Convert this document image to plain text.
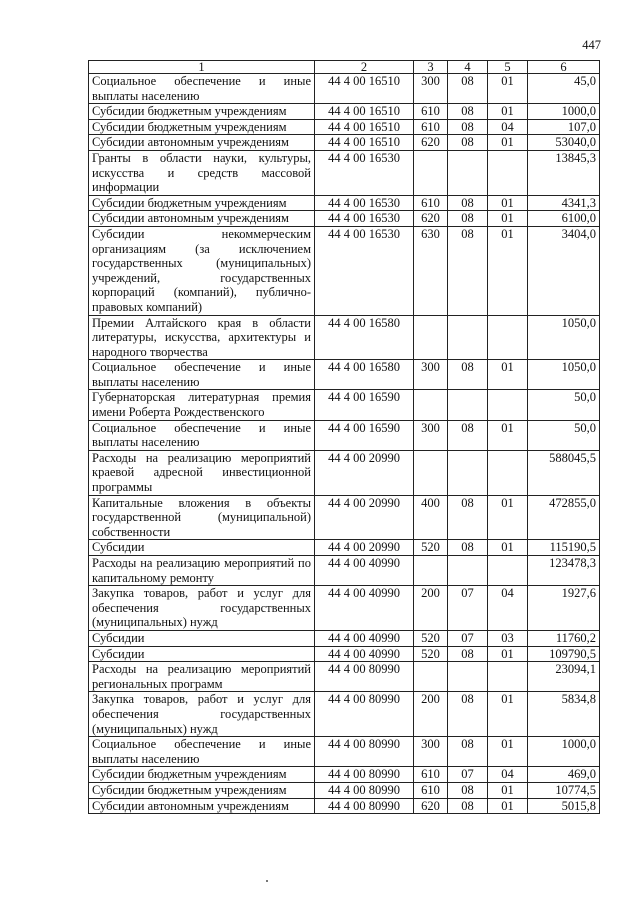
447
1	2	3	4	5	6
Социальное обеспечение и иные выплаты населению	44 4 00 16510	300	08	01	45,0
Субсидии бюджетным учреждениям	44 4 00 16510	610	08	01	1000,0
Субсидии бюджетным учреждениям	44 4 00 16510	610	08	04	107,0
Субсидии автономным учреждениям	44 4 00 16510	620	08	01	53040,0
Гранты в области науки, культуры, искусства и средств массовой информации	44 4 00 16530				13845,3
Субсидии бюджетным учреждениям	44 4 00 16530	610	08	01	4341,3
Субсидии автономным учреждениям	44 4 00 16530	620	08	01	6100,0
Субсидии некоммерческим организациям (за исключением государственных (муниципальных) учреждений, государственных корпораций (компаний), публично-правовых компаний)	44 4 00 16530	630	08	01	3404,0
Премии Алтайского края в области литературы, искусства, архитектуры и народного творчества	44 4 00 16580				1050,0
Социальное обеспечение и иные выплаты населению	44 4 00 16580	300	08	01	1050,0
Губернаторская литературная премия имени Роберта Рождественского	44 4 00 16590				50,0
Социальное обеспечение и иные выплаты населению	44 4 00 16590	300	08	01	50,0
Расходы на реализацию мероприятий краевой адресной инвестиционной программы	44 4 00 20990				588045,5
Капитальные вложения в объекты государственной (муниципальной) собственности	44 4 00 20990	400	08	01	472855,0
Субсидии	44 4 00 20990	520	08	01	115190,5
Расходы на реализацию мероприятий по капитальному ремонту	44 4 00 40990				123478,3
Закупка товаров, работ и услуг для обеспечения государственных (муниципальных) нужд	44 4 00 40990	200	07	04	1927,6
Субсидии	44 4 00 40990	520	07	03	11760,2
Субсидии	44 4 00 40990	520	08	01	109790,5
Расходы на реализацию мероприятий региональных программ	44 4 00 80990				23094,1
Закупка товаров, работ и услуг для обеспечения государственных (муниципальных) нужд	44 4 00 80990	200	08	01	5834,8
Социальное обеспечение и иные выплаты населению	44 4 00 80990	300	08	01	1000,0
Субсидии бюджетным учреждениям	44 4 00 80990	610	07	04	469,0
Субсидии бюджетным учреждениям	44 4 00 80990	610	08	01	10774,5
Субсидии автономным учреждениям	44 4 00 80990	620	08	01	5015,8
